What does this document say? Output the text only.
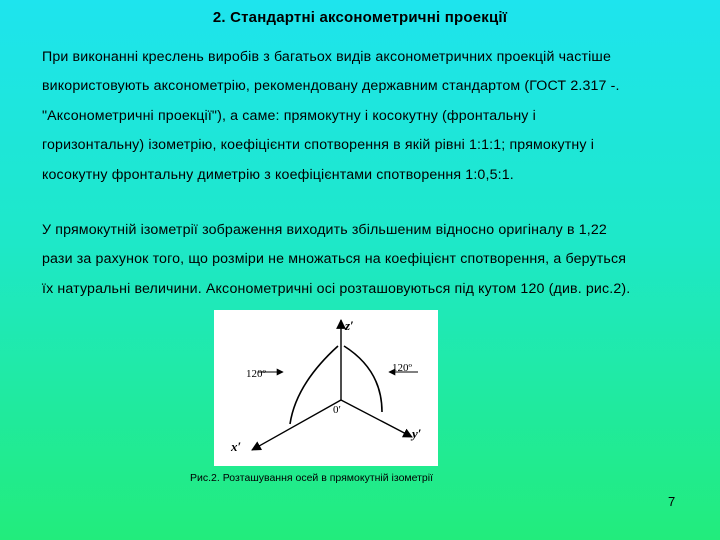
2. Стандартні аксонометричні проекції
При виконанні креслень виробів з багатьох видів аксонометричних проекцій частіше
використовують аксонометрію, рекомендовану державним стандартом (ГОСТ 2.317 -.
"Аксонометричні проекції"), а саме: прямокутну і косокутну (фронтальну і
горизонтальну) ізометрію, коефіцієнти спотворення в якій рівні 1:1:1; прямокутну і
косокутну фронтальну диметрію з коефіцієнтами спотворення 1:0,5:1.
У прямокутній ізометрії зображення виходить збільшеним відносно оригіналу в 1,22
рази за рахунок того, що розміри не множаться на коефіцієнт спотворення, а беруться
їх натуральні величини. Аксонометричні осі розташовуються під кутом 120 (див. рис.2).
z′
x′
y′
0′
120º	120º
Рис.2. Розташування осей в прямокутній ізометрії
7
